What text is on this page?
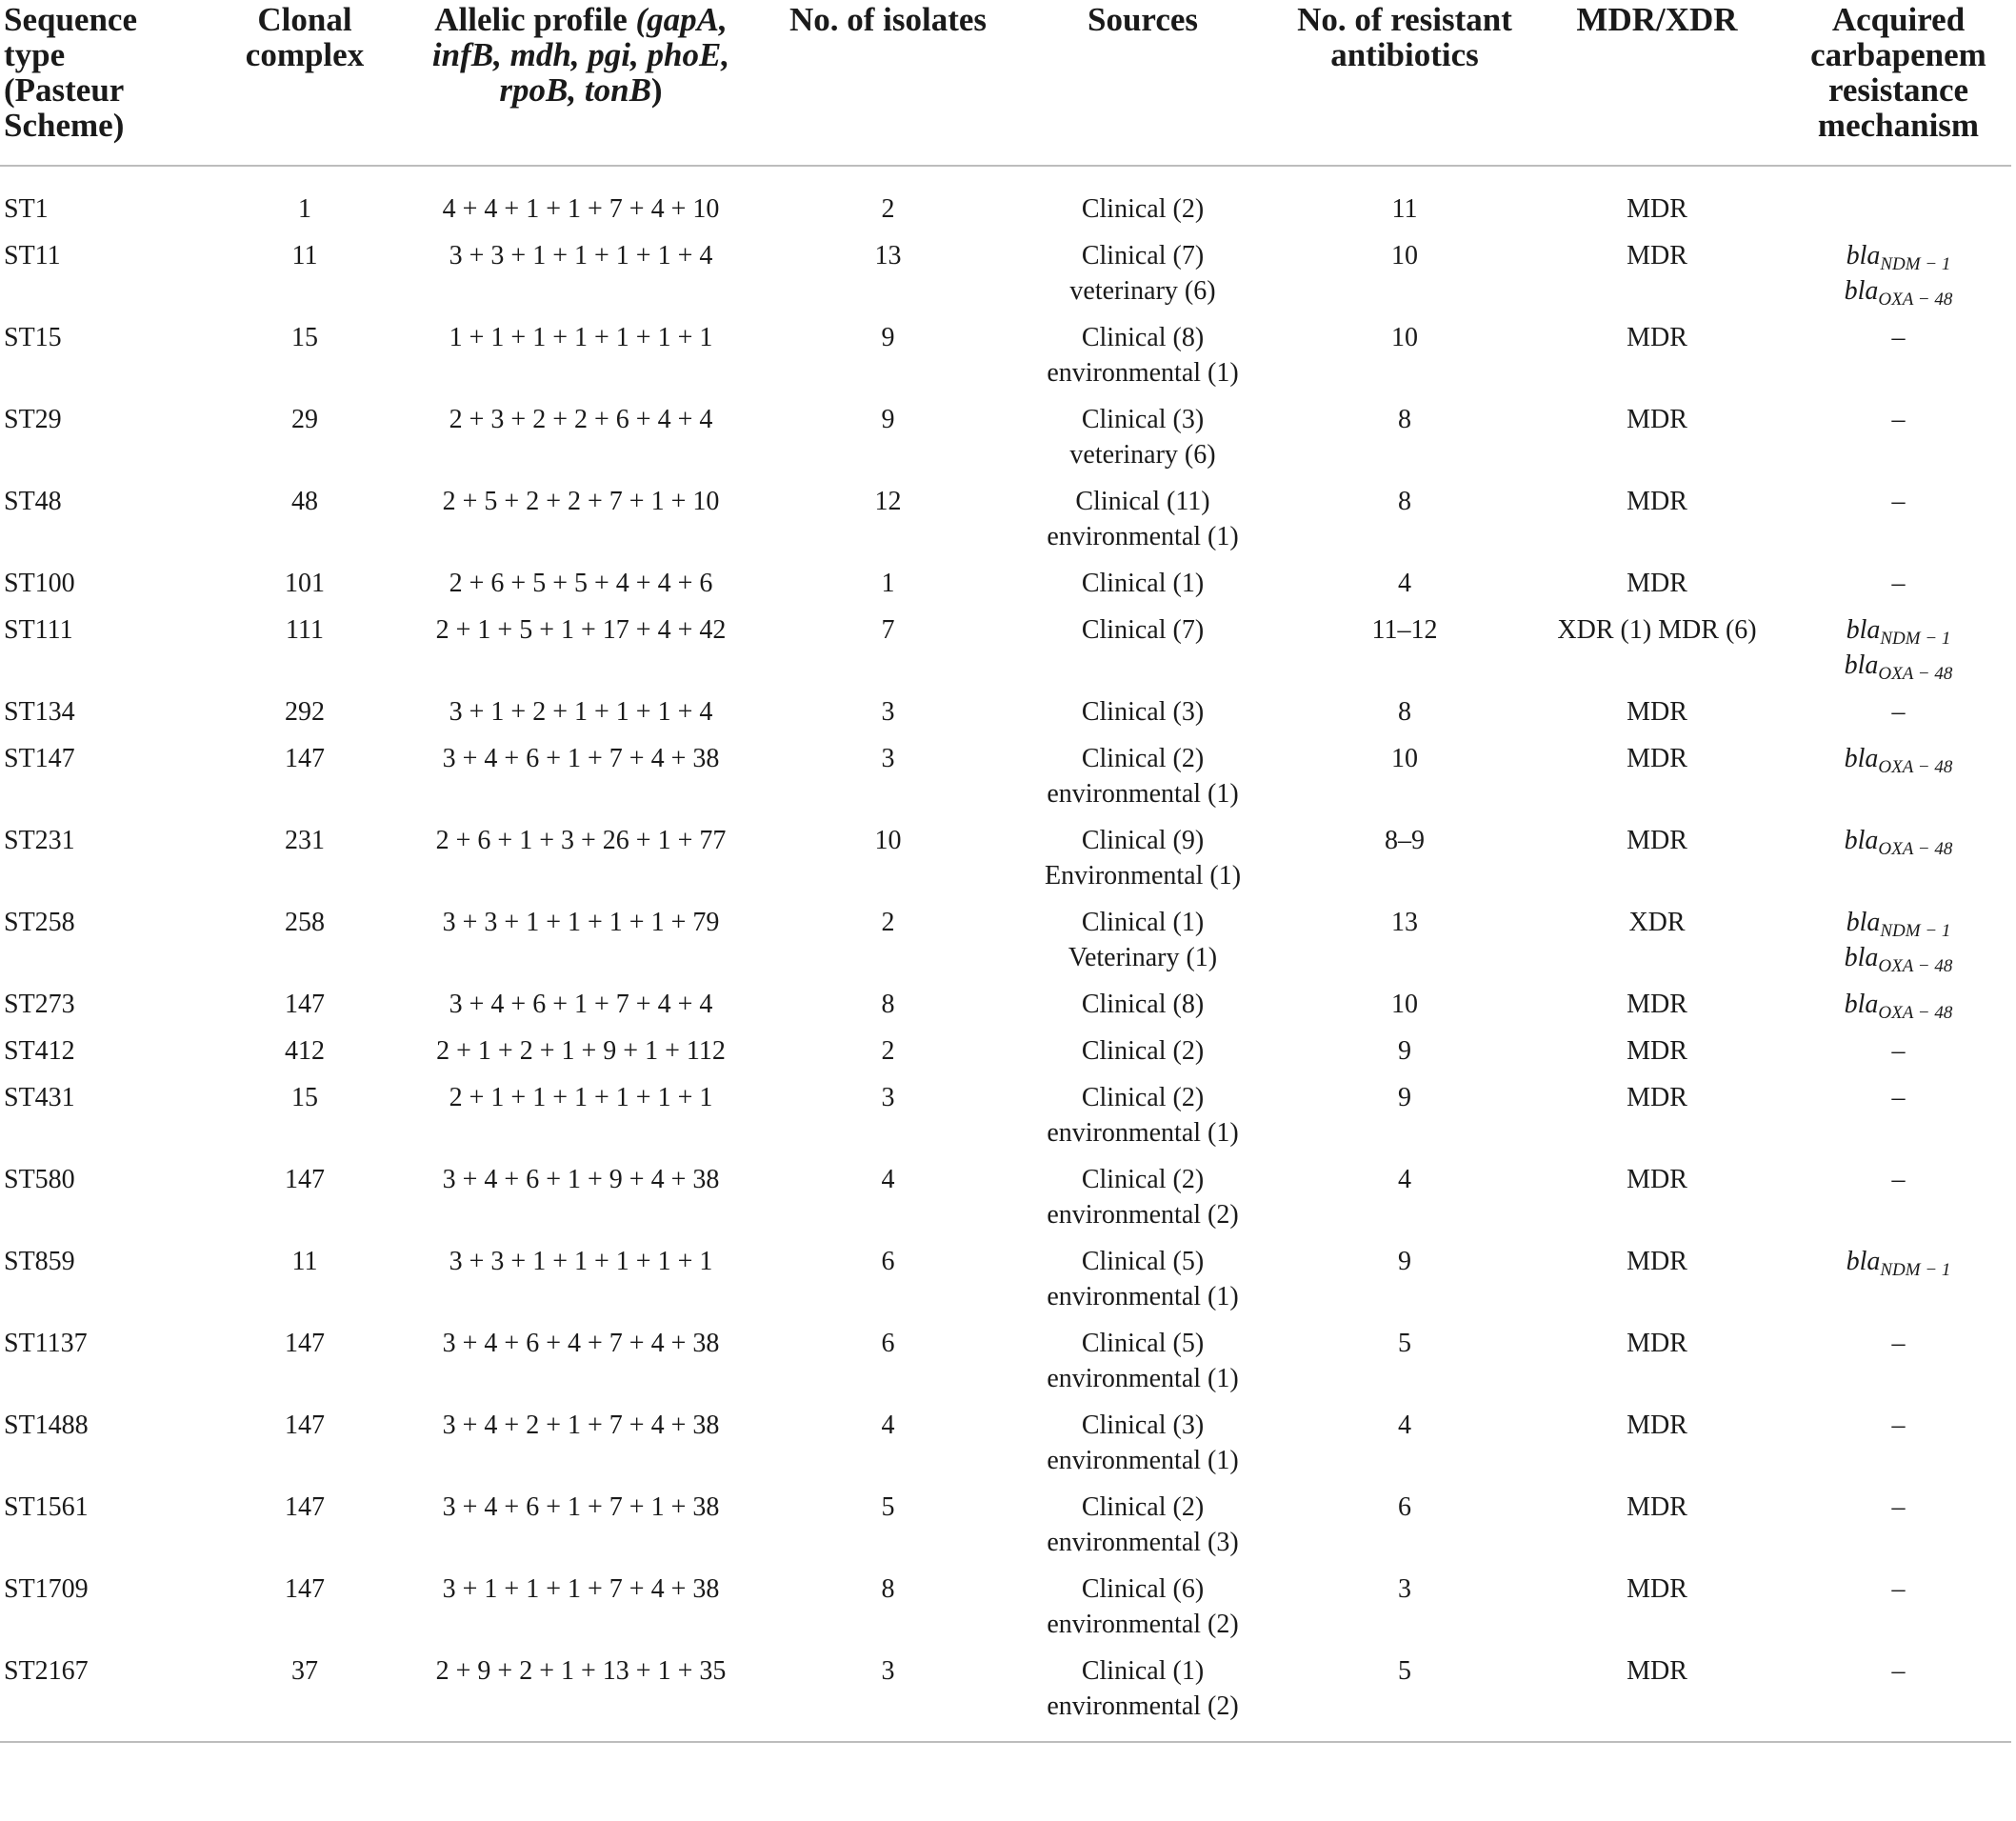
Sequence
type
(Pasteur
Scheme)	Clonal
complex	Allelic profile (gapA,
infB, mdh, pgi, phoE,
rpoB, tonB)	No. of isolates	Sources	No. of resistant
antibiotics	MDR/XDR	Acquired
carbapenem
resistance
mechanism

ST1	1	4 + 4 + 1 + 1 + 7 + 4 + 10	2	Clinical (2)	11	MDR	
ST11	11	3 + 3 + 1 + 1 + 1 + 1 + 4	13	Clinical (7)
veterinary (6)	10	MDR	bla$_{NDM - 1}$
bla$_{OXA - 48}$

ST15	15	1 + 1 + 1 + 1 + 1 + 1 + 1	9	Clinical (8)
environmental (1)	10	MDR	–

ST29	29	2 + 3 + 2 + 2 + 6 + 4 + 4	9	Clinical (3)
veterinary (6)	8	MDR	–

ST48	48	2 + 5 + 2 + 2 + 7 + 1 + 10	12	Clinical (11)
environmental (1)	8	MDR	–

ST100	101	2 + 6 + 5 + 5 + 4 + 4 + 6	1	Clinical (1)	4	MDR	–

ST111	111	2 + 1 + 5 + 1 + 17 + 4 + 42	7	Clinical (7)	11–12	XDR (1) MDR (6)	bla$_{NDM - 1}$
bla$_{OXA - 48}$

ST134	292	3 + 1 + 2 + 1 + 1 + 1 + 4	3	Clinical (3)	8	MDR	–

ST147	147	3 + 4 + 6 + 1 + 7 + 4 + 38	3	Clinical (2)
environmental (1)	10	MDR	bla$_{OXA - 48}$

ST231	231	2 + 6 + 1 + 3 + 26 + 1 + 77	10	Clinical (9)
Environmental (1)	8–9	MDR	bla$_{OXA - 48}$

ST258	258	3 + 3 + 1 + 1 + 1 + 1 + 79	2	Clinical (1)
Veterinary (1)	13	XDR	bla$_{NDM - 1}$
bla$_{OXA - 48}$

ST273	147	3 + 4 + 6 + 1 + 7 + 4 + 4	8	Clinical (8)	10	MDR	bla$_{OXA - 48}$

ST412	412	2 + 1 + 2 + 1 + 9 + 1 + 112	2	Clinical (2)	9	MDR	–

ST431	15	2 + 1 + 1 + 1 + 1 + 1 + 1	3	Clinical (2)
environmental (1)	9	MDR	–

ST580	147	3 + 4 + 6 + 1 + 9 + 4 + 38	4	Clinical (2)
environmental (2)	4	MDR	–

ST859	11	3 + 3 + 1 + 1 + 1 + 1 + 1	6	Clinical (5)
environmental (1)	9	MDR	bla$_{NDM - 1}$

ST1137	147	3 + 4 + 6 + 4 + 7 + 4 + 38	6	Clinical (5)
environmental (1)	5	MDR	–

ST1488	147	3 + 4 + 2 + 1 + 7 + 4 + 38	4	Clinical (3)
environmental (1)	4	MDR	–

ST1561	147	3 + 4 + 6 + 1 + 7 + 1 + 38	5	Clinical (2)
environmental (3)	6	MDR	–

ST1709	147	3 + 1 + 1 + 1 + 7 + 4 + 38	8	Clinical (6)
environmental (2)	3	MDR	–

ST2167	37	2 + 9 + 2 + 1 + 13 + 1 + 35	3	Clinical (1)
environmental (2)	5	MDR	–
